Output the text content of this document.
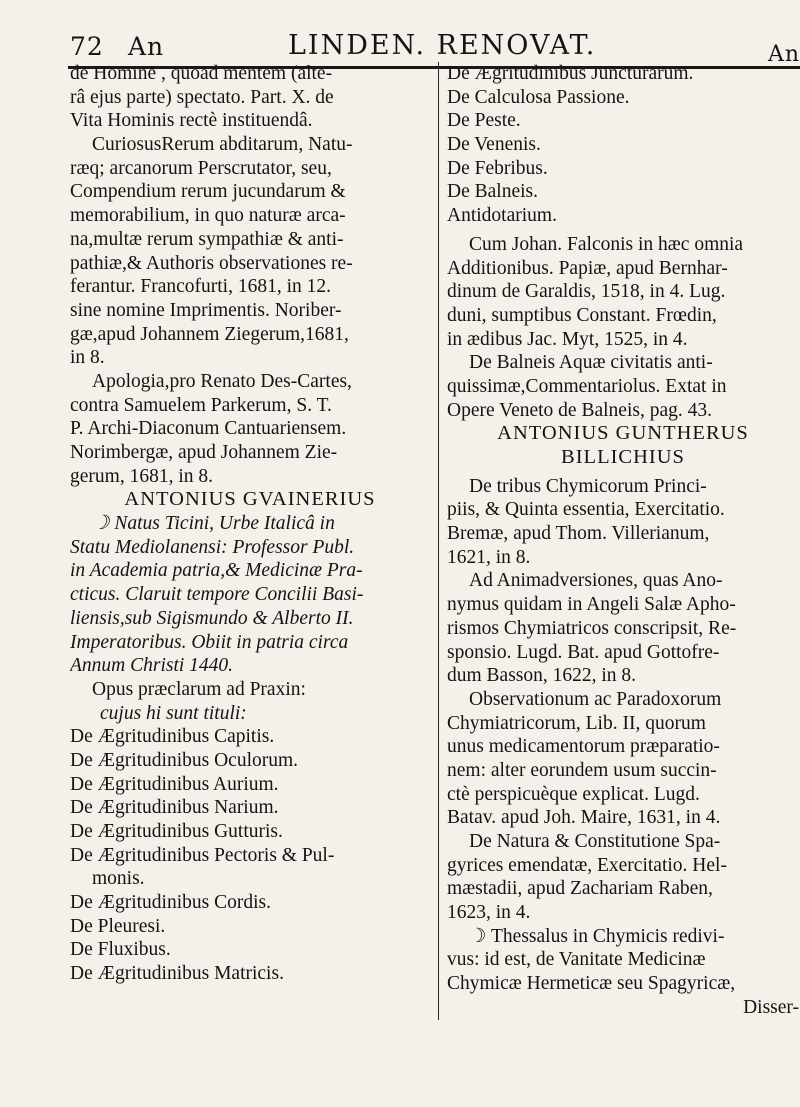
72 An	LINDEN. RENOVAT.	An
de Homine , quoad mentem (alte-
râ ejus parte) spectato. Part. X. de
Vita Hominis rectè instituendâ.
CuriosusRerum abditarum, Natu-
ræq; arcanorum Perscrutator, seu,
Compendium rerum jucundarum &
memorabilium, in quo naturæ arca-
na,multæ rerum sympathiæ & anti-
pathiæ,& Authoris observationes re-
ferantur. Francofurti, 1681, in 12.
sine nomine Imprimentis. Noriber-
gæ,apud Johannem Ziegerum,1681,
in 8.
Apologia,pro Renato Des-Cartes,
contra Samuelem Parkerum, S. T.
P. Archi-Diaconum Cantuariensem.
Norimbergæ, apud Johannem Zie-
gerum, 1681, in 8.
ANTONIUS GVAINERIUS
☽ Natus Ticini, Urbe Italicâ in
Statu Mediolanensi: Professor Publ.
in Academia patria,& Medicinæ Pra-
cticus. Claruit tempore Concilii Basi-
liensis,sub Sigismundo & Alberto II.
Imperatoribus. Obiit in patria circa
Annum Christi 1440.
Opus præclarum ad Praxin:
cujus hi sunt tituli:
De Ægritudinibus Capitis.
De Ægritudinibus Oculorum.
De Ægritudinibus Aurium.
De Ægritudinibus Narium.
De Ægritudinibus Gutturis.
De Ægritudinibus Pectoris & Pul-
monis.
De Ægritudinibus Cordis.
De Pleuresi.
De Fluxibus.
De Ægritudinibus Matricis.
De Ægritudinibus Juncturarum.
De Calculosa Passione.
De Peste.
De Venenis.
De Febribus.
De Balneis.
Antidotarium.
Cum Johan. Falconis in hæc omnia
Additionibus. Papiæ, apud Bernhar-
dinum de Garaldis, 1518, in 4. Lug.
duni, sumptibus Constant. Frœdin,
in ædibus Jac. Myt, 1525, in 4.
De Balneis Aquæ civitatis anti-
quissimæ,Commentariolus. Extat in
Opere Veneto de Balneis, pag. 43.
ANTONIUS GUNTHERUS
BILLICHIUS
De tribus Chymicorum Princi-
piis, & Quinta essentia, Exercitatio.
Bremæ, apud Thom. Villerianum,
1621, in 8.
Ad Animadversiones, quas Ano-
nymus quidam in Angeli Salæ Apho-
rismos Chymiatricos conscripsit, Re-
sponsio. Lugd. Bat. apud Gottofre-
dum Basson, 1622, in 8.
Observationum ac Paradoxorum
Chymiatricorum, Lib. II, quorum
unus medicamentorum præparatio-
nem: alter eorundem usum succin-
ctè perspicuèque explicat. Lugd.
Batav. apud Joh. Maire, 1631, in 4.
De Natura & Constitutione Spa-
gyrices emendatæ, Exercitatio. Hel-
mæstadii, apud Zachariam Raben,
1623, in 4.
☽ Thessalus in Chymicis redivi-
vus: id est, de Vanitate Medicinæ
Chymicæ Hermeticæ seu Spagyricæ,
Disser-
